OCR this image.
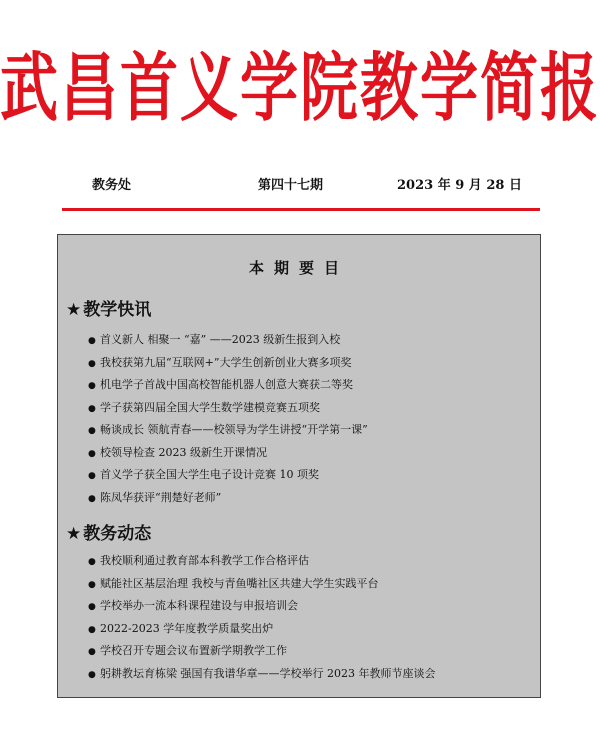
武昌首义学院教学简报
教务处	第四十七期	2023 年 9 月 28 日
本期要目
★ 教学快讯
● 首义新人 相聚一 “嘉” ——2023 级新生报到入校
● 我校获第九届“互联网+”大学生创新创业大赛多项奖
● 机电学子首战中国高校智能机器人创意大赛获二等奖
● 学子获第四届全国大学生数学建模竞赛五项奖
● 畅谈成长 领航青春——校领导为学生讲授“开学第一课”
● 校领导检查 2023 级新生开课情况
● 首义学子获全国大学生电子设计竞赛 10 项奖
● 陈凤华获评“荆楚好老师”
★ 教务动态
● 我校顺利通过教育部本科教学工作合格评估
● 赋能社区基层治理 我校与青鱼嘴社区共建大学生实践平台
● 学校举办一流本科课程建设与申报培训会
● 2022-2023 学年度教学质量奖出炉
● 学校召开专题会议布置新学期教学工作
● 躬耕教坛育栋梁 强国有我谱华章——学校举行 2023 年教师节座谈会
